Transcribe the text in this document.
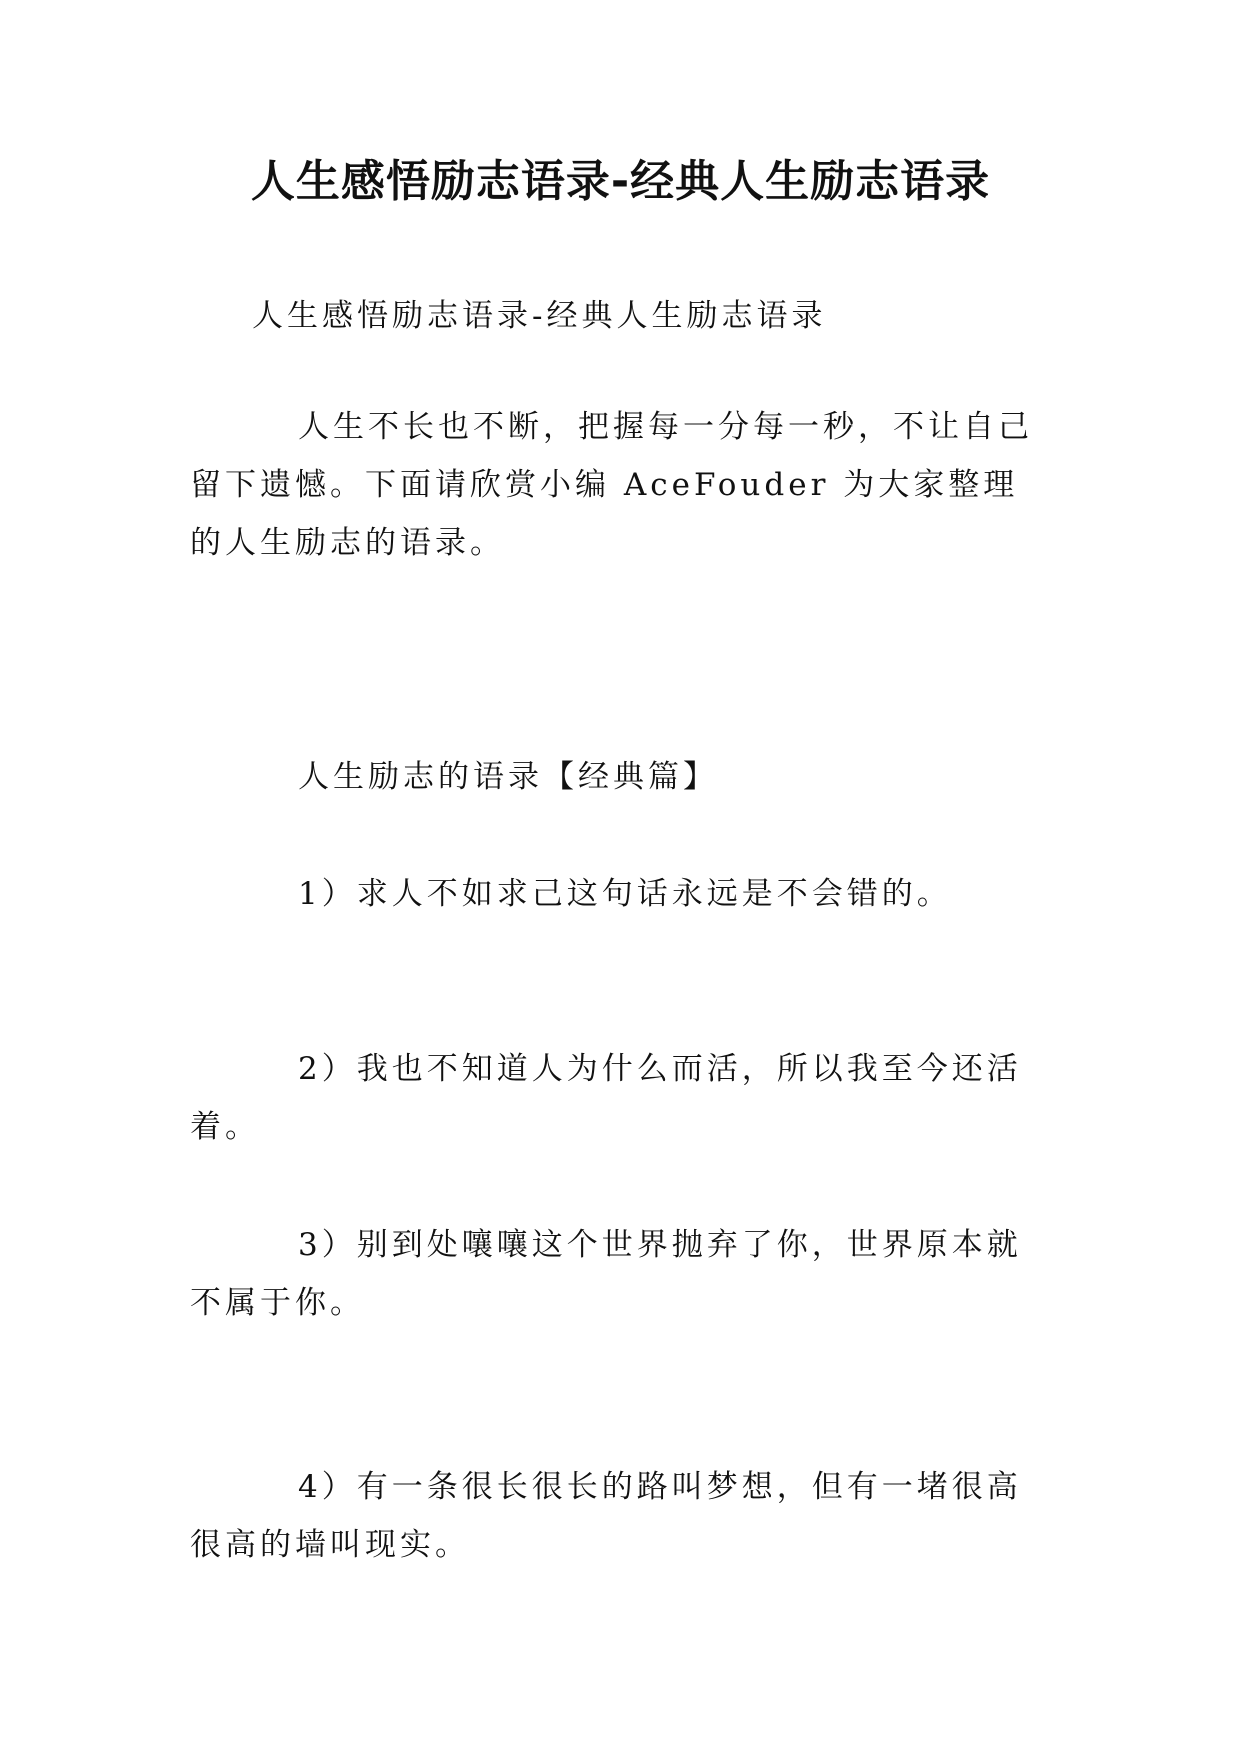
人生感悟励志语录-经典人生励志语录

人生感悟励志语录-经典人生励志语录

人生不长也不断，把握每一分每一秒，不让自己留下遗憾。下面请欣赏小编 AceFouder 为大家整理的人生励志的语录。

人生励志的语录【经典篇】

1）求人不如求己这句话永远是不会错的。

2）我也不知道人为什么而活，所以我至今还活着。

3）别到处嚷嚷这个世界抛弃了你，世界原本就不属于你。

4）有一条很长很长的路叫梦想，但有一堵很高很高的墙叫现实。
